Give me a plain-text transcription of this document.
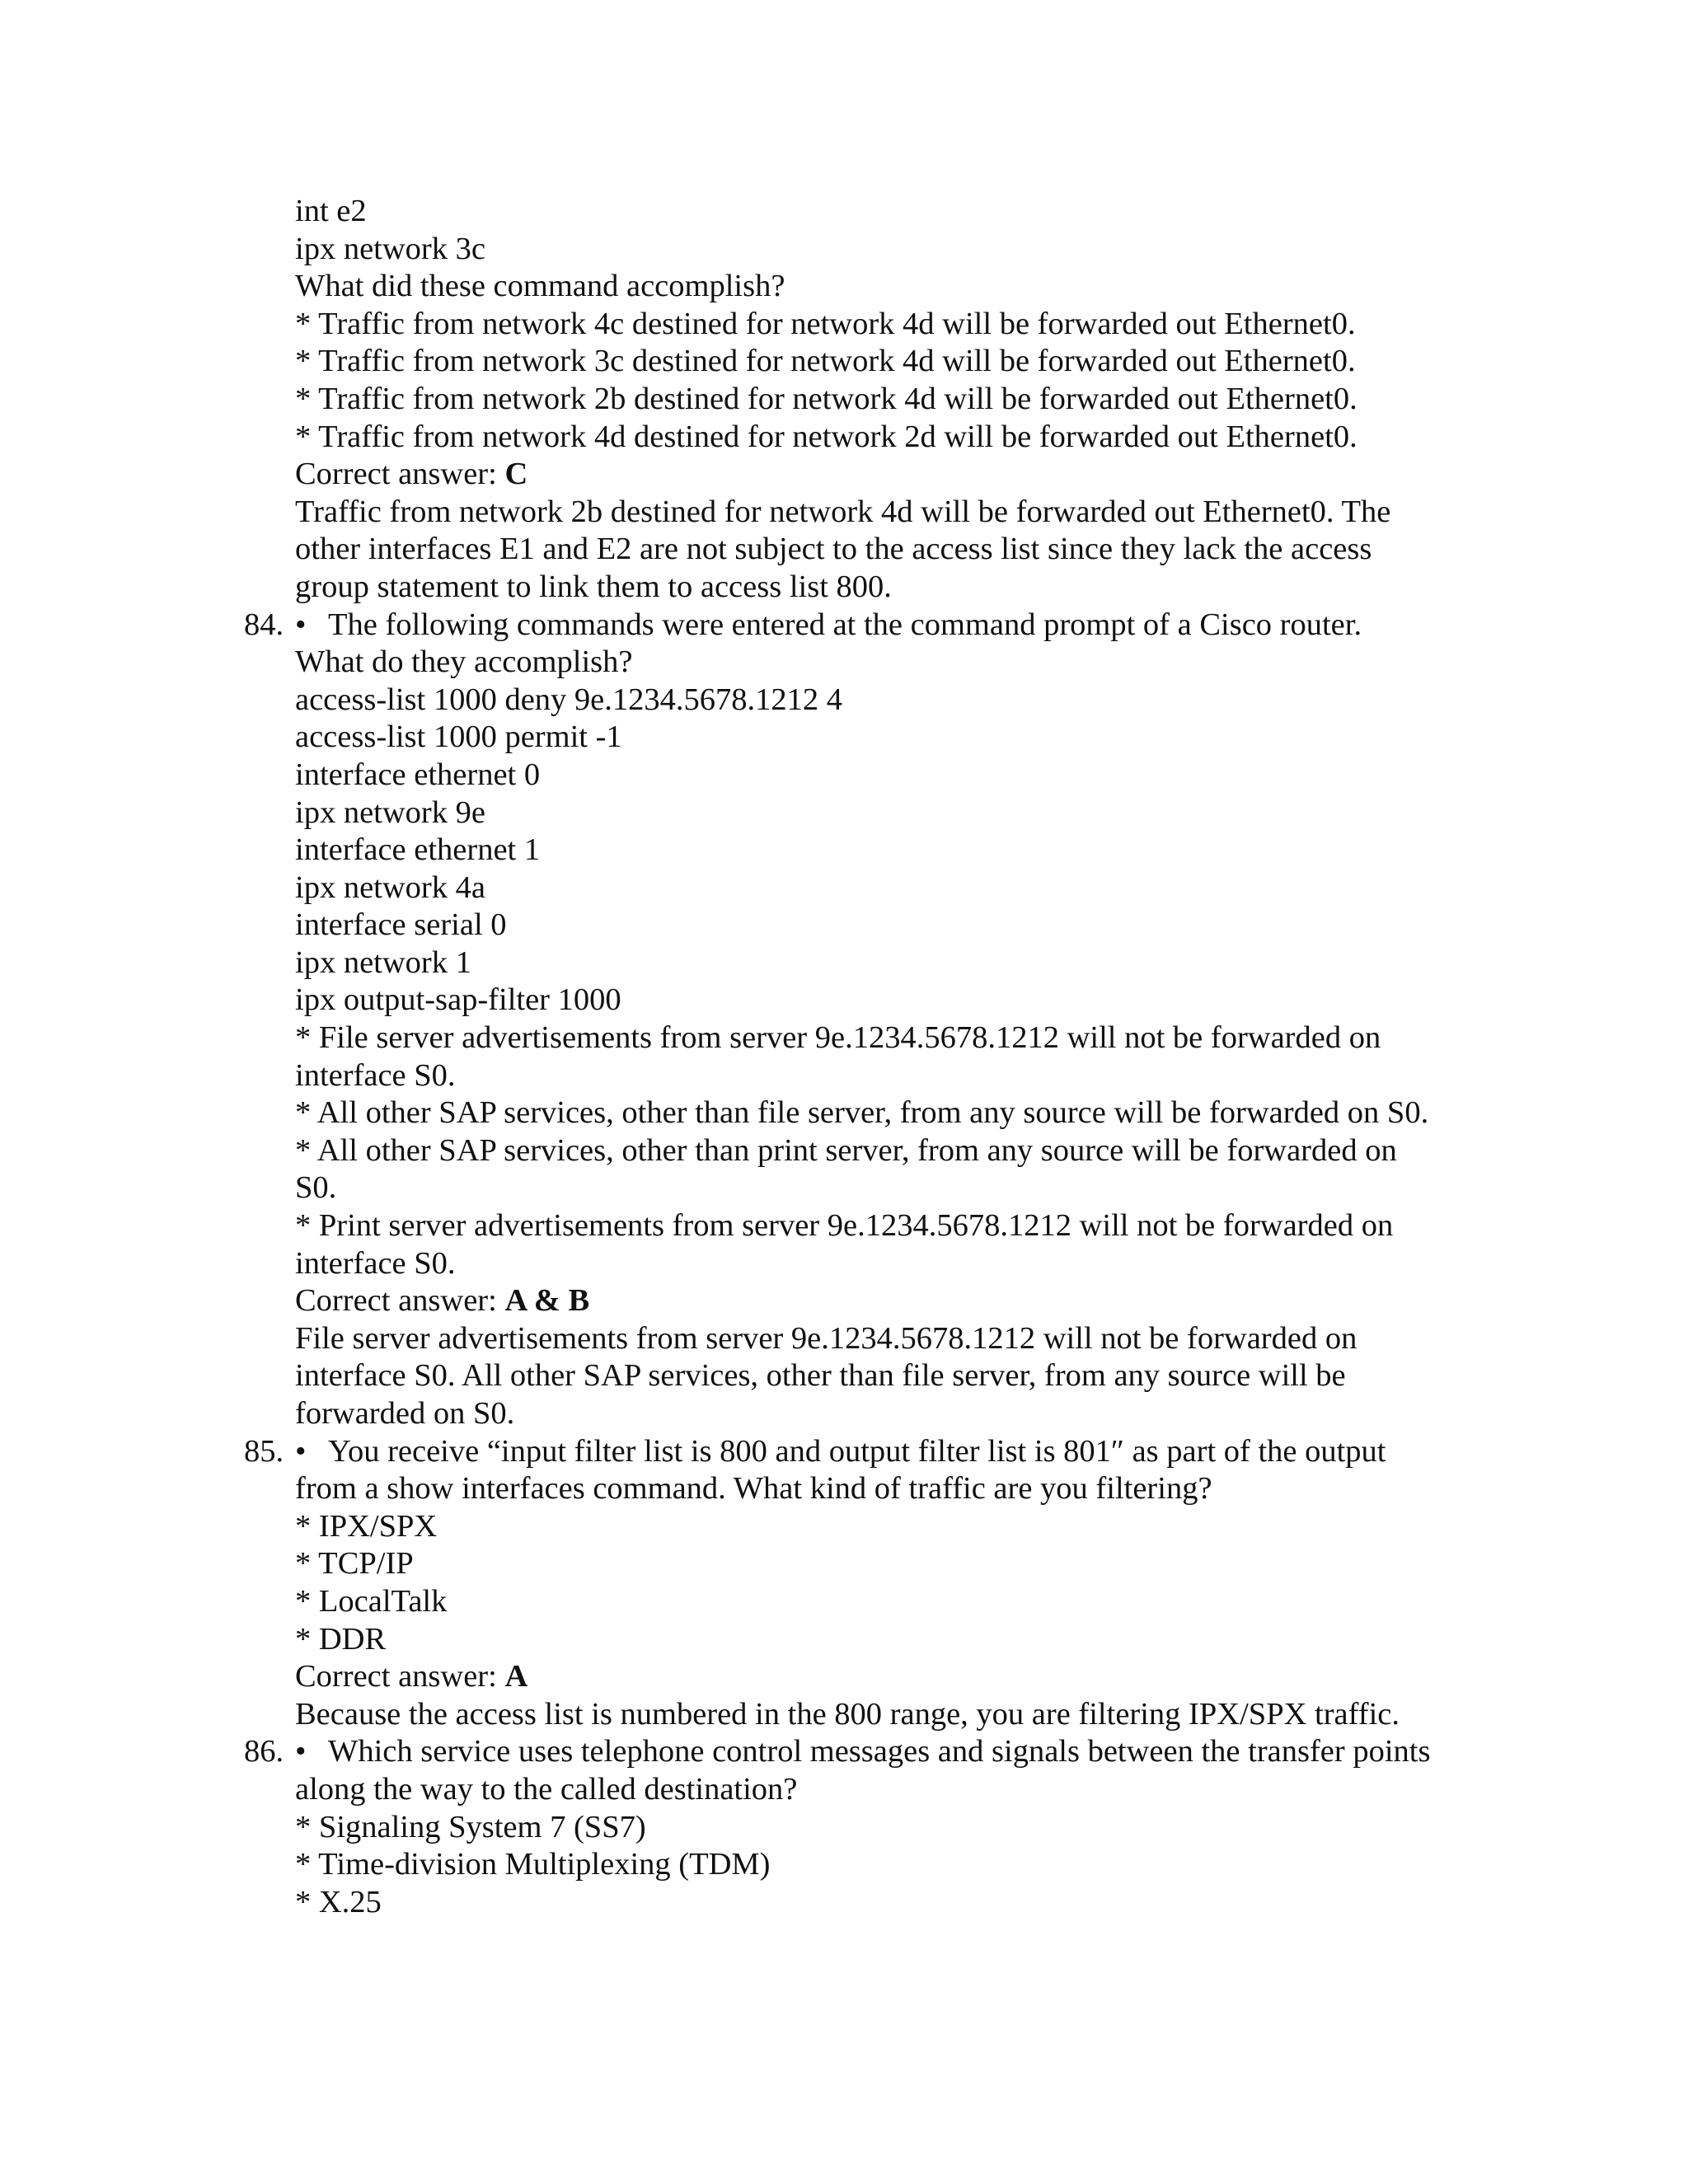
int e2
ipx network 3c
What did these command accomplish?
* Traffic from network 4c destined for network 4d will be forwarded out Ethernet0.
* Traffic from network 3c destined for network 4d will be forwarded out Ethernet0.
* Traffic from network 2b destined for network 4d will be forwarded out Ethernet0.
* Traffic from network 4d destined for network 2d will be forwarded out Ethernet0.
Correct answer: C
Traffic from network 2b destined for network 4d will be forwarded out Ethernet0. The
other interfaces E1 and E2 are not subject to the access list since they lack the access
group statement to link them to access list 800.
84. • The following commands were entered at the command prompt of a Cisco router.
What do they accomplish?
access-list 1000 deny 9e.1234.5678.1212 4
access-list 1000 permit -1
interface ethernet 0
ipx network 9e
interface ethernet 1
ipx network 4a
interface serial 0
ipx network 1
ipx output-sap-filter 1000
* File server advertisements from server 9e.1234.5678.1212 will not be forwarded on
interface S0.
* All other SAP services, other than file server, from any source will be forwarded on S0.
* All other SAP services, other than print server, from any source will be forwarded on
S0.
* Print server advertisements from server 9e.1234.5678.1212 will not be forwarded on
interface S0.
Correct answer: A & B
File server advertisements from server 9e.1234.5678.1212 will not be forwarded on
interface S0. All other SAP services, other than file server, from any source will be
forwarded on S0.
85. • You receive “input filter list is 800 and output filter list is 801″ as part of the output
from a show interfaces command. What kind of traffic are you filtering?
* IPX/SPX
* TCP/IP
* LocalTalk
* DDR
Correct answer: A
Because the access list is numbered in the 800 range, you are filtering IPX/SPX traffic.
86. • Which service uses telephone control messages and signals between the transfer points
along the way to the called destination?
* Signaling System 7 (SS7)
* Time-division Multiplexing (TDM)
* X.25
